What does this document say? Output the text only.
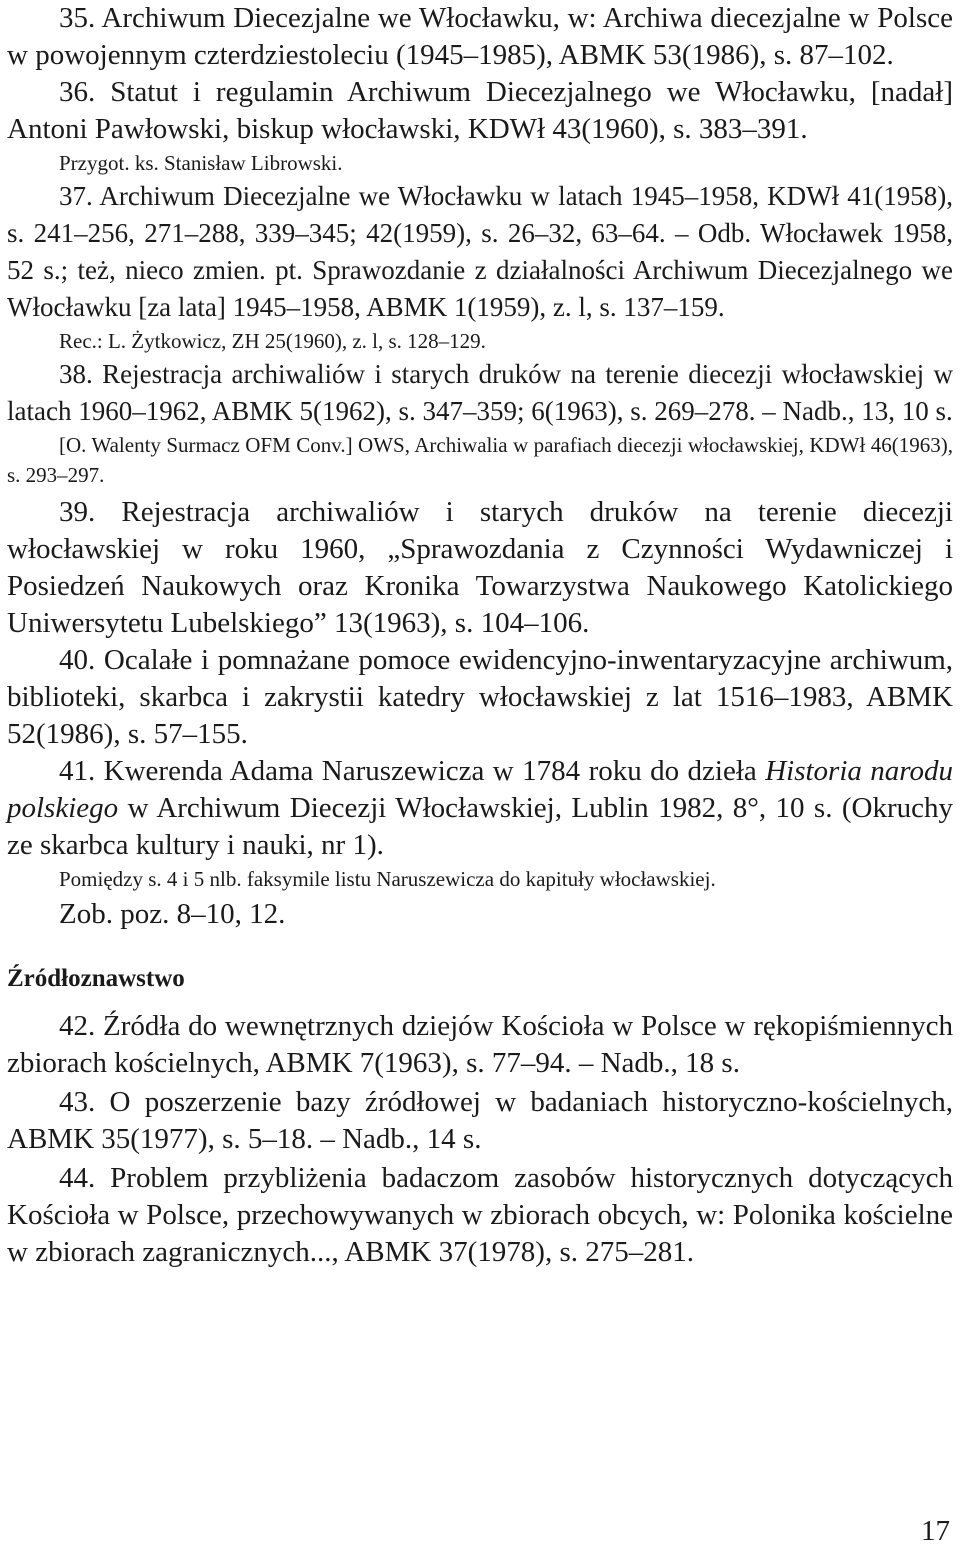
35. Archiwum Diecezjalne we Włocławku, w: Archiwa diecezjalne w Polsce w powojennym czterdziestoleciu (1945–1985), ABMK 53(1986), s. 87–102.
36. Statut i regulamin Archiwum Diecezjalnego we Włocławku, [nadał] Antoni Pawłowski, biskup włocławski, KDWł 43(1960), s. 383–391.
Przygot. ks. Stanisław Librowski.
37. Archiwum Diecezjalne we Włocławku w latach 1945–1958, KDWł 41(1958), s. 241–256, 271–288, 339–345; 42(1959), s. 26–32, 63–64. – Odb. Włocławek 1958, 52 s.; też, nieco zmien. pt. Sprawozdanie z działalności Archiwum Diecezjalnego we Włocławku [za lata] 1945–1958, ABMK 1(1959), z. l, s. 137–159.
Rec.: L. Żytkowicz, ZH 25(1960), z. l, s. 128–129.
38. Rejestracja archiwaliów i starych druków na terenie diecezji włocławskiej w latach 1960–1962, ABMK 5(1962), s. 347–359; 6(1963), s. 269–278. – Nadb., 13, 10 s.
[O. Walenty Surmacz OFM Conv.] OWS, Archiwalia w parafiach diecezji włocławskiej, KDWł 46(1963), s. 293–297.
39. Rejestracja archiwaliów i starych druków na terenie diecezji włocławskiej w roku 1960, „Sprawozdania z Czynności Wydawniczej i Posiedzeń Naukowych oraz Kronika Towarzystwa Naukowego Katolickiego Uniwersytetu Lubelskiego” 13(1963), s. 104–106.
40. Ocalałe i pomnażane pomoce ewidencyjno-inwentaryzacyjne archiwum, biblioteki, skarbca i zakrystii katedry włocławskiej z lat 1516–1983, ABMK 52(1986), s. 57–155.
41. Kwerenda Adama Naruszewicza w 1784 roku do dzieła Historia narodu polskiego w Archiwum Diecezji Włocławskiej, Lublin 1982, 8°, 10 s. (Okruchy ze skarbca kultury i nauki, nr 1).
Pomiędzy s. 4 i 5 nlb. faksymile listu Naruszewicza do kapituły włocławskiej.
Zob. poz. 8–10, 12.
Źródłoznawstwo
42. Źródła do wewnętrznych dziejów Kościoła w Polsce w rękopiśmiennych zbiorach kościelnych, ABMK 7(1963), s. 77–94. – Nadb., 18 s.
43. O poszerzenie bazy źródłowej w badaniach historyczno-kościelnych, ABMK 35(1977), s. 5–18. – Nadb., 14 s.
44. Problem przybliżenia badaczom zasobów historycznych dotyczących Kościoła w Polsce, przechowywanych w zbiorach obcych, w: Polonika kościelne w zbiorach zagranicznych..., ABMK 37(1978), s. 275–281.
17
